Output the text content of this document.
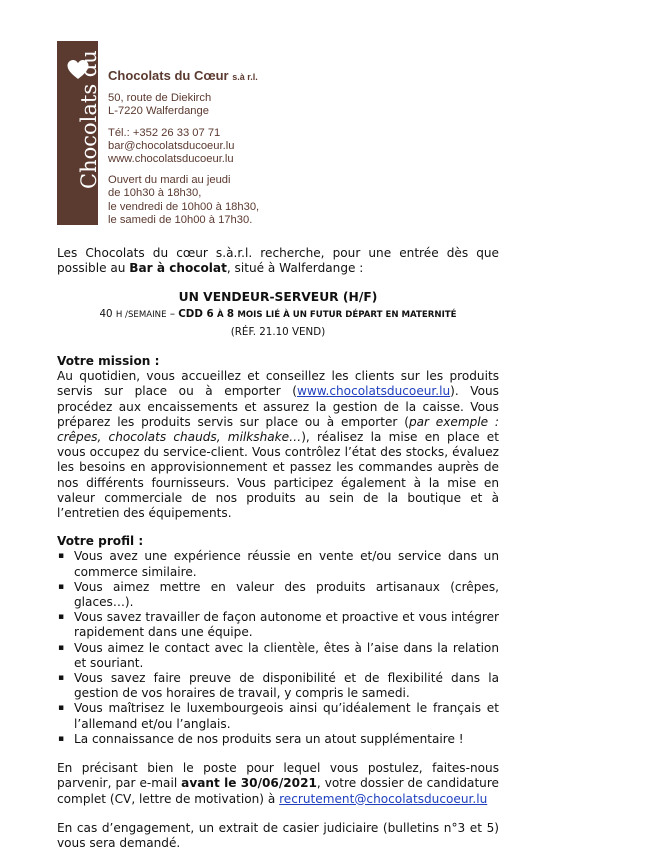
Chocolats du Chocolats du Cœur s.à r.l.
50, route de Diekirch
L-7220 Walferdange
Tél.: +352 26 33 07 71
bar@chocolatsducoeur.lu
www.chocolatsducoeur.lu
Ouvert du mardi au jeudi
de 10h30 à 18h30,
le vendredi de 10h00 à 18h30,
le samedi de 10h00 à 17h30.

Les Chocolats du cœur s.à.r.l. recherche, pour une entrée dès que possible au Bar à chocolat, situé à Walferdange :

UN VENDEUR-SERVEUR (H/F)

40 H /SEMAINE – CDD 6 À 8 MOIS LIÉ À UN FUTUR DÉPART EN MATERNITÉ

(RÉF. 21.10 VEND)

Votre mission :

Au quotidien, vous accueillez et conseillez les clients sur les produits servis sur place ou à emporter (www.chocolatsducoeur.lu). Vous procédez aux encaissements et assurez la gestion de la caisse. Vous préparez les produits servis sur place ou à emporter (par exemple : crêpes, chocolats chauds, milkshake…), réalisez la mise en place et vous occupez du service-client. Vous contrôlez l’état des stocks, évaluez les besoins en approvisionnement et passez les commandes auprès de nos différents fournisseurs. Vous participez également à la mise en valeur commerciale de nos produits au sein de la boutique et à l’entretien des équipements.

Votre profil :

▪ Vous avez une expérience réussie en vente et/ou service dans un commerce similaire.
▪ Vous aimez mettre en valeur des produits artisanaux (crêpes, glaces…).
▪ Vous savez travailler de façon autonome et proactive et vous intégrer rapidement dans une équipe.
▪ Vous aimez le contact avec la clientèle, êtes à l’aise dans la relation et souriant.
▪ Vous savez faire preuve de disponibilité et de flexibilité dans la gestion de vos horaires de travail, y compris le samedi.
▪ Vous maîtrisez le luxembourgeois ainsi qu’idéalement le français et l’allemand et/ou l’anglais.
▪ La connaissance de nos produits sera un atout supplémentaire !

En précisant bien le poste pour lequel vous postulez, faites-nous parvenir, par e-mail avant le 30/06/2021, votre dossier de candidature complet (CV, lettre de motivation) à recrutement@chocolatsducoeur.lu

En cas d’engagement, un extrait de casier judiciaire (bulletins n°3 et 5) vous sera demandé.
